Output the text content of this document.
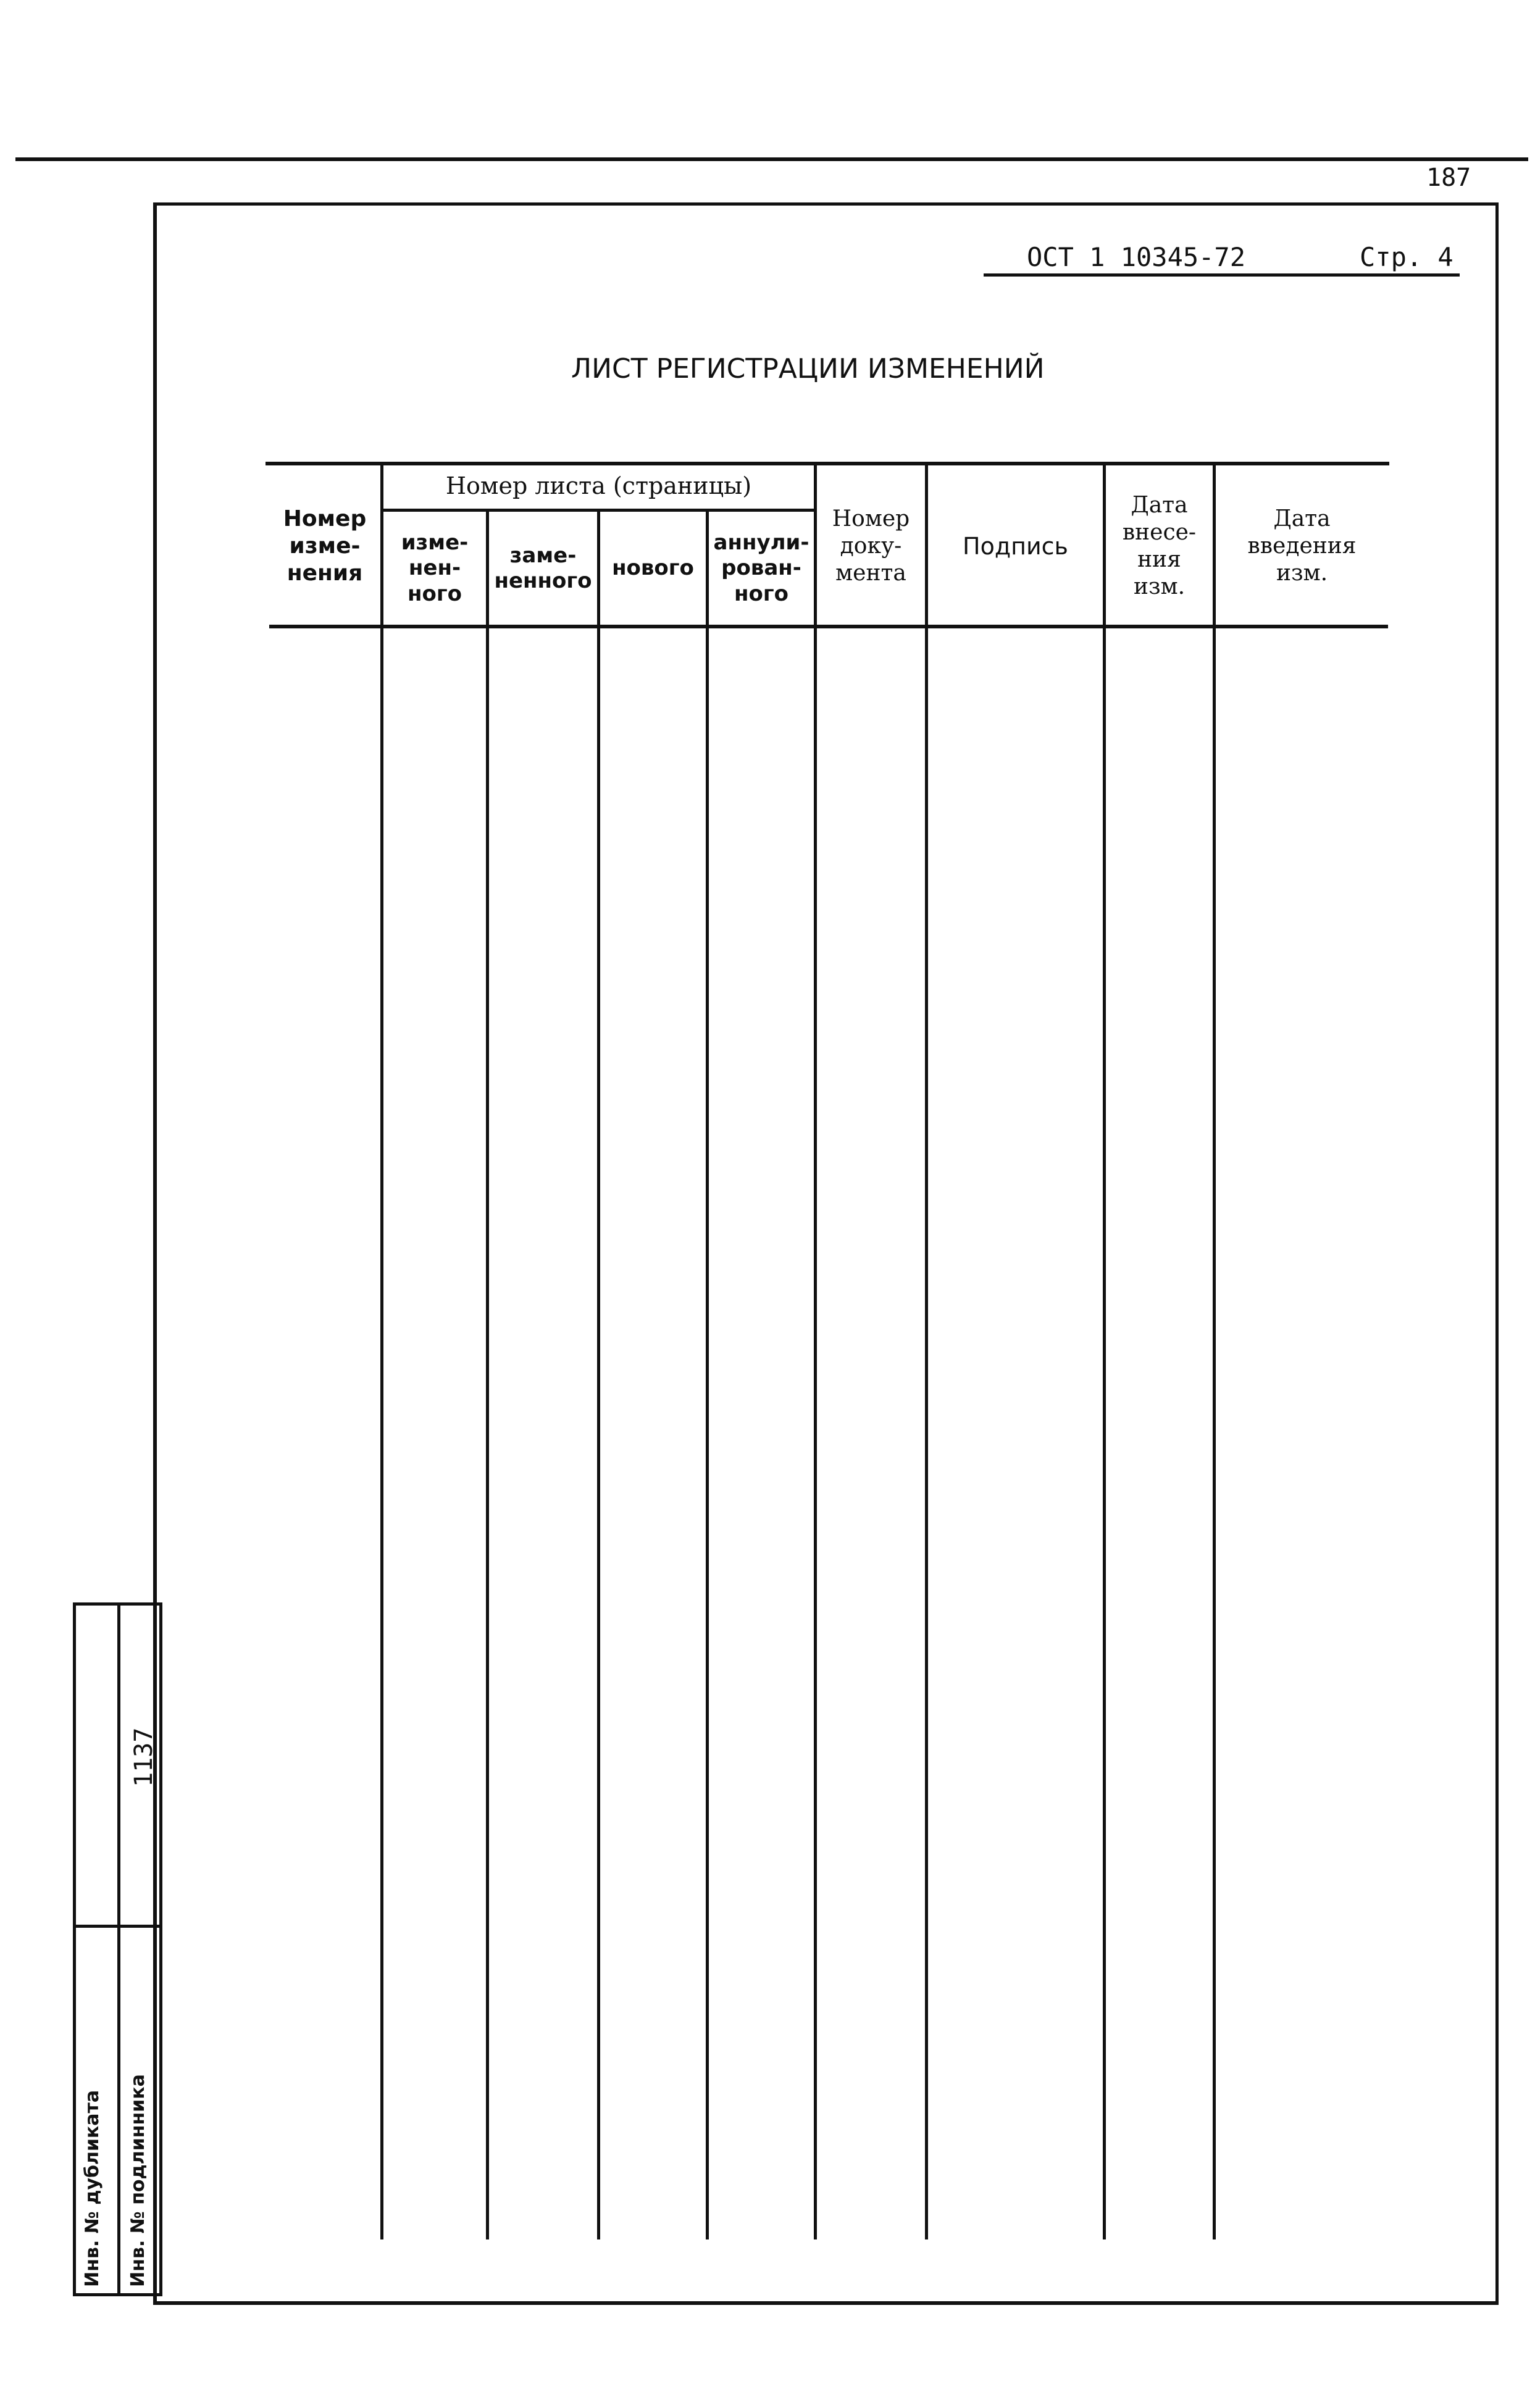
187
ОСТ 1 10345-72	Стр. 4
ЛИСТ РЕГИСТРАЦИИ ИЗМЕНЕНИЙ
Номер
изме-
нения
Номер листа (страницы)
изме-
нен-
ного
заме-
ненного
нового
аннули-
рован-
ного
Номер
доку-
мента
Подпись
Дата
внесе-
ния
изм.
Дата
введения
изм.
Инв. № дубликата Инв. № подлинника
1137
